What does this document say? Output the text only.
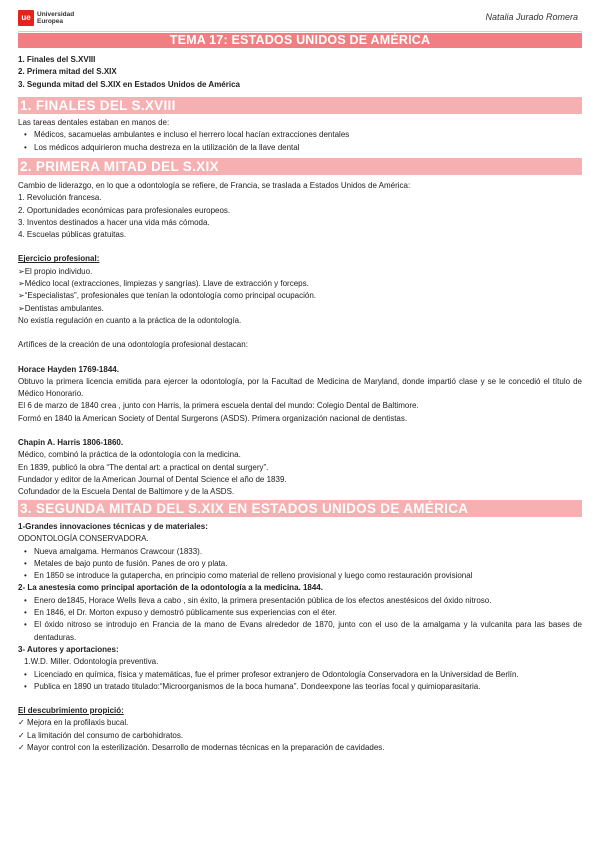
ue Universidad
Europea	Natalia Jurado Romera
TEMA 17: ESTADOS UNIDOS DE AMÉRICA

1. Finales del S.XVIII

2. Primera mitad del S.XIX

3. Segunda mitad del S.XIX en Estados Unidos de América

1. FINALES DEL S.XVIII

Las tareas dentales estaban en manos de:

• Médicos, sacamuelas ambulantes e incluso el herrero local hacían extracciones dentales
• Los médicos adquirieron mucha destreza en la utilización de la llave dental
2. PRIMERA MITAD DEL S.XIX

Cambio de liderazgo, en lo que a odontología se refiere, de Francia, se traslada a Estados Unidos de América:

1. Revolución francesa.

2. Oportunidades económicas para profesionales europeos.

3. Inventos destinados a hacer una vida más cómoda.

4. Escuelas públicas gratuitas.

Ejercicio profesional:

➢El propio individuo.

➢Médico local (extracciones, limpiezas y sangrías). Llave de extracción y forceps.

➢“Especialistas”, profesionales que tenían la odontología como principal ocupación.

➢Dentistas ambulantes.

No existía regulación en cuanto a la práctica de la odontología.

Artífices de la creación de una odontología profesional destacan:

Horace Hayden 1769-1844.

Obtuvo la primera licencia emitida para ejercer la odontología, por la Facultad de Medicina de Maryland, donde impartió clase y se le concedió el título de Médico Honorario.

El 6 de marzo de 1840 crea , junto con Harris, la primera escuela dental del mundo: Colegio Dental de Baltimore.

Formó en 1840 la American Society of Dental Surgerons (ASDS). Primera organización nacional de dentistas.

Chapin A. Harris 1806-1860.

Médico, combinó la práctica de la odontología con la medicina.

En 1839, publicó la obra “The dental art: a practical on dental surgery”.

Fundador y editor de la American Journal of Dental Science el año de 1839.

Cofundador de la Escuela Dental de Baltimore y de la ASDS.

3. SEGUNDA MITAD DEL S.XIX EN ESTADOS UNIDOS DE AMÉRICA

1-Grandes innovaciones técnicas y de materiales:

ODONTOLOGÍA CONSERVADORA.

• Nueva amalgama. Hermanos Crawcour (1833).
• Metales de bajo punto de fusión. Panes de oro y plata.
• En 1850 se introduce la gutapercha, en principio como material de relleno provisional y luego como restauración provisional

2- La anestesia como principal aportación de la odontología a la medicina. 1844.

• Enero de1845, Horace Wells lleva a cabo , sin éxito, la primera presentación pública de los efectos anestésicos del óxido nitroso.
• En 1846, el Dr. Morton expuso y demostró públicamente sus experiencias con el éter.
• El óxido nitroso se introdujo en Francia de la mano de Evans alrededor de 1870, junto con el uso de la amalgama y la vulcanita para las bases de dentaduras.

3- Autores y aportaciones:

1.W.D. Miller. Odontología preventiva.

• Licenciado en química, física y matemáticas, fue el primer profesor extranjero de Odontología Conservadora en la Universidad de Berlín.
• Publica en 1890 un tratado titulado:“Microorganismos de la boca humana”. Dondeexpone las teorías focal y quimioparasitaria.

El descubrimiento propició:

✓ Mejora en la profilaxis bucal.

✓ La limitación del consumo de carbohidratos.

✓ Mayor control con la esterilización. Desarrollo de modernas técnicas en la preparación de cavidades.
